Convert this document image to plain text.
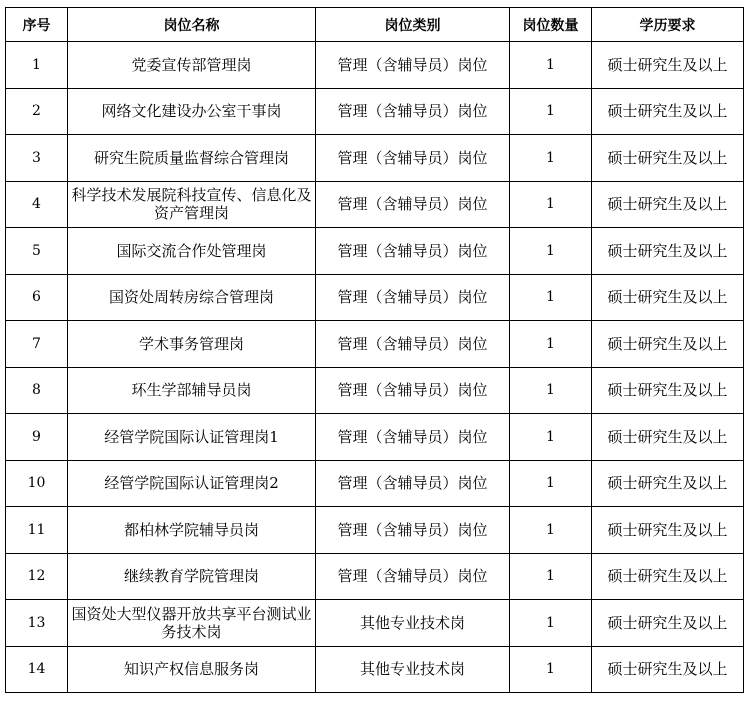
序号	岗位名称	岗位类别	岗位数量	学历要求
1	党委宣传部管理岗	管理（含辅导员）岗位	1	硕士研究生及以上
2	网络文化建设办公室干事岗	管理（含辅导员）岗位	1	硕士研究生及以上
3	研究生院质量监督综合管理岗	管理（含辅导员）岗位	1	硕士研究生及以上
4	科学技术发展院科技宣传、信息化及资产管理岗	管理（含辅导员）岗位	1	硕士研究生及以上
5	国际交流合作处管理岗	管理（含辅导员）岗位	1	硕士研究生及以上
6	国资处周转房综合管理岗	管理（含辅导员）岗位	1	硕士研究生及以上
7	学术事务管理岗	管理（含辅导员）岗位	1	硕士研究生及以上
8	环生学部辅导员岗	管理（含辅导员）岗位	1	硕士研究生及以上
9	经管学院国际认证管理岗1	管理（含辅导员）岗位	1	硕士研究生及以上
10	经管学院国际认证管理岗2	管理（含辅导员）岗位	1	硕士研究生及以上
11	都柏林学院辅导员岗	管理（含辅导员）岗位	1	硕士研究生及以上
12	继续教育学院管理岗	管理（含辅导员）岗位	1	硕士研究生及以上
13	国资处大型仪器开放共享平台测试业务技术岗	其他专业技术岗	1	硕士研究生及以上
14	知识产权信息服务岗	其他专业技术岗	1	硕士研究生及以上
